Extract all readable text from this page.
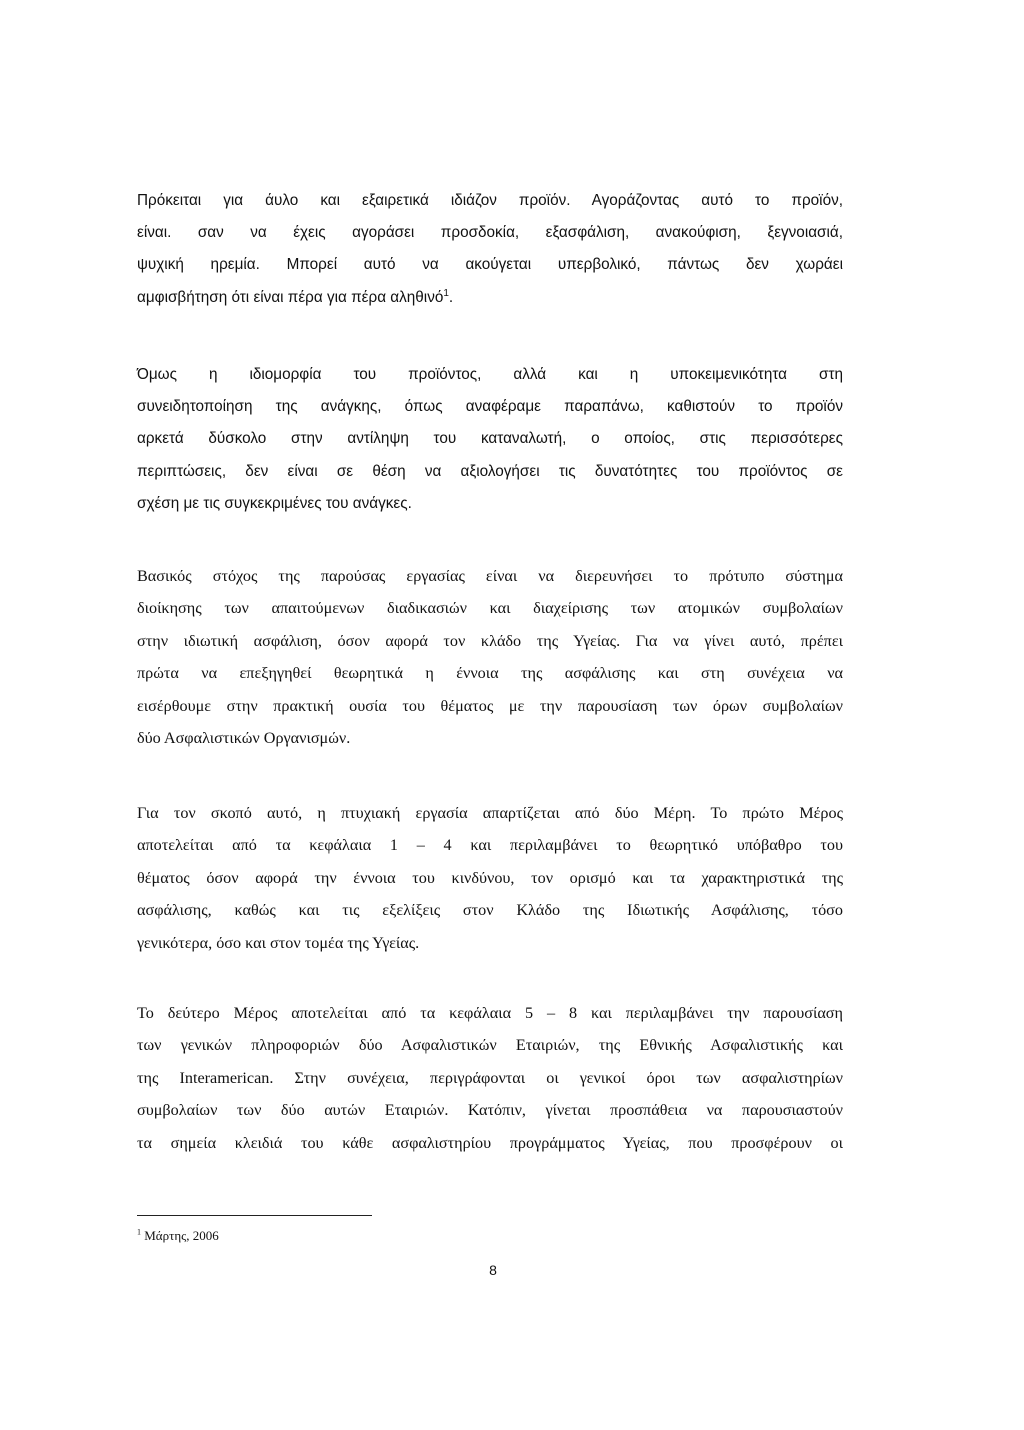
Πρόκειται για άυλο και εξαιρετικά ιδιάζον προϊόν. Αγοράζοντας αυτό το προϊόν,
είναι. σαν να έχεις αγοράσει προσδοκία, εξασφάλιση, ανακούφιση, ξεγνοιασιά,
ψυχική ηρεμία. Μπορεί αυτό να ακούγεται υπερβολικό, πάντως δεν χωράει
αμφισβήτηση ότι είναι πέρα για πέρα αληθινό$^1$.

Όμως η ιδιομορφία του προϊόντος, αλλά και η υποκειμενικότητα στη
συνειδητοποίηση της ανάγκης, όπως αναφέραμε παραπάνω, καθιστούν το προϊόν
αρκετά δύσκολο στην αντίληψη του καταναλωτή, ο οποίος, στις περισσότερες
περιπτώσεις, δεν είναι σε θέση να αξιολογήσει τις δυνατότητες του προϊόντος σε
σχέση με τις συγκεκριμένες του ανάγκες.

Βασικός στόχος της παρούσας εργασίας είναι να διερευνήσει το πρότυπο σύστημα
διοίκησης των απαιτούμενων διαδικασιών και διαχείρισης των ατομικών συμβολαίων
στην ιδιωτική ασφάλιση, όσον αφορά τον κλάδο της Υγείας. Για να γίνει αυτό, πρέπει
πρώτα να επεξηγηθεί θεωρητικά η έννοια της ασφάλισης και στη συνέχεια να
εισέρθουμε στην πρακτική ουσία του θέματος με την παρουσίαση των όρων συμβολαίων
δύο Ασφαλιστικών Οργανισμών.

Για τον σκοπό αυτό, η πτυχιακή εργασία απαρτίζεται από δύο Μέρη. Το πρώτο Μέρος
αποτελείται από τα κεφάλαια 1 – 4 και περιλαμβάνει το θεωρητικό υπόβαθρο του
θέματος όσον αφορά την έννοια του κινδύνου, τον ορισμό και τα χαρακτηριστικά της
ασφάλισης, καθώς και τις εξελίξεις στον Κλάδο της Ιδιωτικής Ασφάλισης, τόσο
γενικότερα, όσο και στον τομέα της Υγείας.

Το δεύτερο Μέρος αποτελείται από τα κεφάλαια 5 – 8 και περιλαμβάνει την παρουσίαση
των γενικών πληροφοριών δύο Ασφαλιστικών Εταιριών, της Εθνικής Ασφαλιστικής και
της Interamerican. Στην συνέχεια, περιγράφονται οι γενικοί όροι των ασφαλιστηρίων
συμβολαίων των δύο αυτών Εταιριών. Κατόπιν, γίνεται προσπάθεια να παρουσιαστούν
τα σημεία κλειδιά του κάθε ασφαλιστηρίου προγράμματος Υγείας, που προσφέρουν οι

$^1$ Μάρτης, 2006
8
